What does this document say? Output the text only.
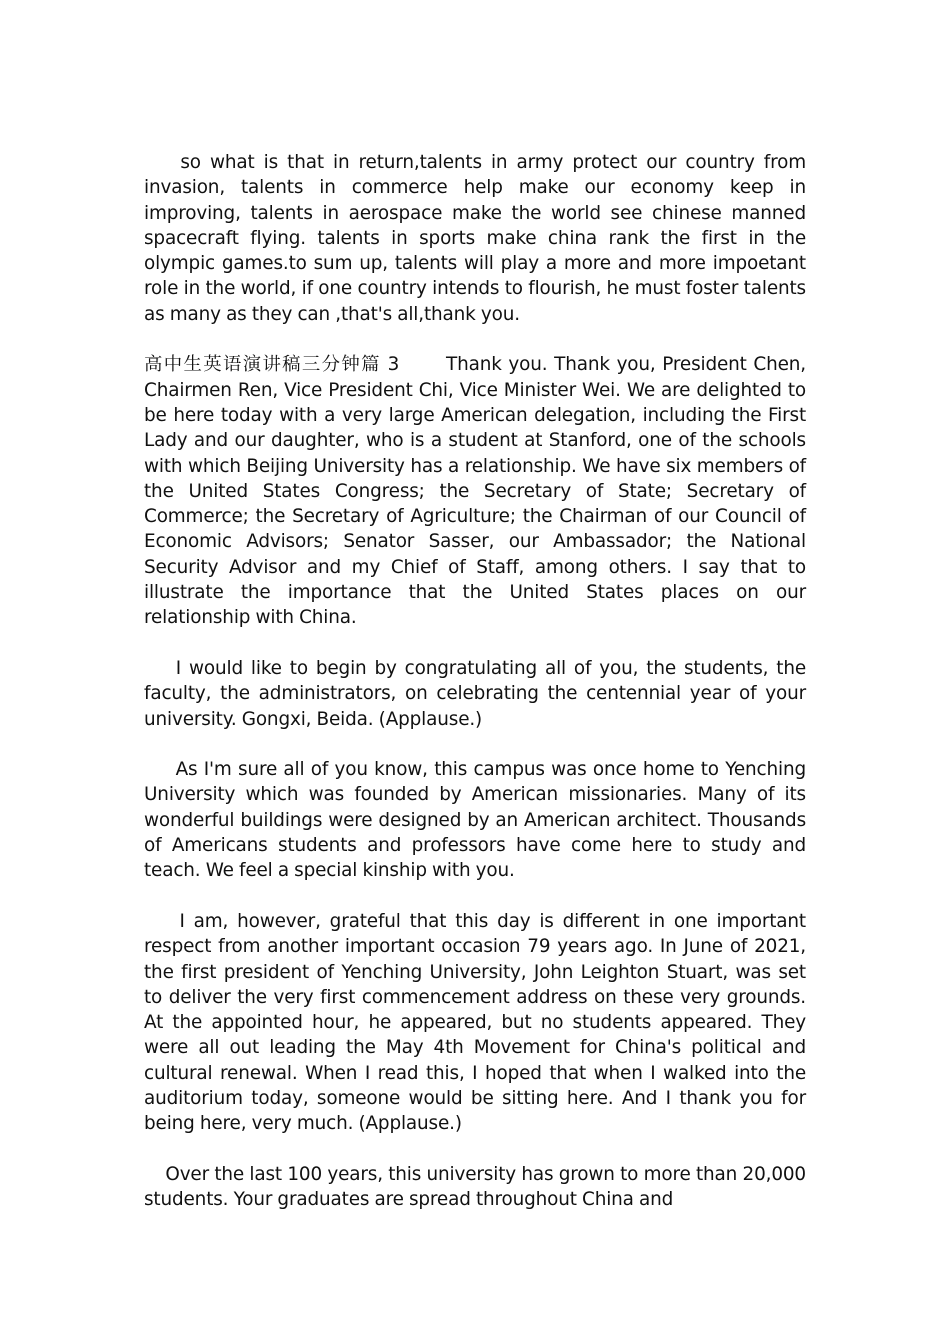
so what is that in return,talents in army protect our country from invasion, talents in commerce help make our economy keep in improving, talents in aerospace make the world see chinese manned spacecraft flying. talents in sports make china rank the first in the olympic games.to sum up, talents will play a more and more impoetant role in the world, if one country intends to flourish, he must foster talents as many as they can ,that's all,thank you.

高中生英语演讲稿三分钟篇 3       Thank you. Thank you, President Chen, Chairmen Ren, Vice President Chi, Vice Minister Wei. We are delighted to be here today with a very large American delegation, including the First Lady and our daughter, who is a student at Stanford, one of the schools with which Beijing University has a relationship. We have six members of the United States Congress; the Secretary of State; Secretary of Commerce; the Secretary of Agriculture; the Chairman of our Council of Economic Advisors; Senator Sasser, our Ambassador; the National Security Advisor and my Chief of Staff, among others. I say that to illustrate the importance that the United States places on our relationship with China.

I would like to begin by congratulating all of you, the students, the faculty, the administrators, on celebrating the centennial year of your university. Gongxi, Beida. (Applause.)

As I'm sure all of you know, this campus was once home to Yenching University which was founded by American missionaries. Many of its wonderful buildings were designed by an American architect. Thousands of Americans students and professors have come here to study and teach. We feel a special kinship with you.

I am, however, grateful that this day is different in one important respect from another important occasion 79 years ago. In June of 2021, the first president of Yenching University, John Leighton Stuart, was set to deliver the very first commencement address on these very grounds. At the appointed hour, he appeared, but no students appeared. They were all out leading the May 4th Movement for China's political and cultural renewal. When I read this, I hoped that when I walked into the auditorium today, someone would be sitting here. And I thank you for being here, very much. (Applause.)

Over the last 100 years, this university has grown to more than 20,000 students. Your graduates are spread throughout China and
